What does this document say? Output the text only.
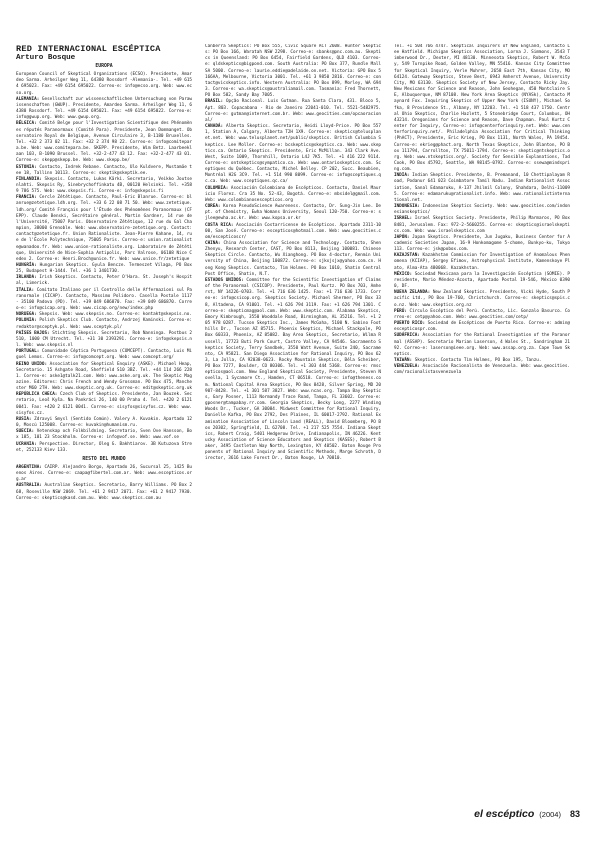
RED INTERNACIONAL ESCÉPTICA

Arturo Bosque

EUROPA

European Council of Skeptical Organizations (ECSO). Presidente, Amardeo Sarma. Arheilger Weg 11, 64380 Rossdorf -Alemania-. Tel. +49 6154 695023. Fax: +49 6154 695022. Correo-e: info@ecso.org. Web: www.ecso.org.

ALEMANIA: Gesellschaft zur wissenschaftlichen Untersuchung von Parawissenschaften (GWUP). Presidente, Amardeo Sarma. Arheilger Weg 11, 64380 Rossdorf. Tel. +49 6154 695021. Fax: +49 6154 695022. Correo-e: info@gwup.org. Web: www.gwup.org.

BÉLGICA: Comité Belge pour l'Investigation Scientifique des Phénomènes réputés Paranormaux (Comité Para). Presidente, Jean Dommanget. Observatoire Royal de Belgique, Avenue Circulaire 3, B-1180 Bruxelles. Tel. +32 2 373 02 11. Fax: +32 2 374 98 22. Correo-e: info@comitepara.be. Web: www.comitepara.be. SKEPP. Presidente, Wim Betz. Laarbeeklaan 103, B-1090 Brussel. Tel. +32-2-477 43 12. Fax: +32-2-477 43 01. Correo-e: skepp@skepp.be. Web: www.skepp.be/

ESTONIA: Contacto, Indrek Rebane. Contacto, Ulo Kuldvere, Mustamäe tee 18, Tallinn 10113. Correo-e: skeptik@skeptik.ee.

FINLANDIA: Skepsis. Contacto, Lukas Kärki. Secretario, Veikko Joutsenlahti. Skepsis Ry, Sinebrychoffinkatu 4B, 00120 Helsinki. Tel. +358 9 786 575. Web: www.skepsis.fi. Correo-e: info@skepsis.fi

FRANCIA: Cercle Zététique. Contacto, Paul-Eric Blanrue. Correo-e: blanrue@zetetique.ldh.org. Tel. +33 6 22 08 71 50. Web: www.zetetique.ldh.org/ Comité Français pour l'Étude des Phénomènes Paranormaux (CFEPP). Claude Benski, Secrétaire général. Martin Gardner, 14 rue de l'Université, 75007 Paris. Observatoire Zététique, 12 rue du Gal Champion, 38000 Grenoble. Web: www.observatoire-zetetique.org. Contact: contact@zetetique.fr. Union Rationaliste. Jean-Pierre Kahane, 14, rue de l'École Polytechnique, 75005 Paris. Correo-e: union.rationaliste@wanadoo.fr. Web: www.union-rationaliste.org. Laboratoire de Zététique, Université de Nice-Sophia Antipolis, Parc Valrose, 06108 Nice Cedex 2. Correo-e: Henri.Broch@unice.fr. Web: www.unice.fr/zetetique

HUNGRÍA: Hungarian Skeptics. Gyula Bencze. Termeszet Vilaga, PO Box 25, Budapest H-1444. Tel. +36 1 3401730.

IRLANDA: Irish Skeptics. Contacto, Peter O'Hara. St. Joseph's Hospital, Limerick.

ITALIA: Comitato Italiano per il Controllo delle Affermazioni sul Paranormale (CICAP). Contacto, Massimo Polidoro. Casella Postale 1117 - 35100 Padova (PD). Tel. +39 049 686870. Fax: +39 049 686870. Correo-e: info@cicap.org. Web: www.cicap.org/new/index.php

NORUEGA: Skepsis. Web: www.skepsis.no. Correo-e: kontakt@skepsis.no.

POLONIA: Polish Skeptics Club. Contacto, Andrzej Kaminski. Correo-e: redaktor@sceptyk.pl. Web: www.sceptyk.pl/

PAÍSES BAJOS: Stichting Skepsis. Secretario, Rob Nanninga. Postbus 2510, 1000 CM Utrecht. Tel. +31 30 2393291. Correo-e: info@skepsis.nl. Web: www.skepsis.nl

PORTUGAL: Comunidade Céptica Portuguesa (COMCEPT). Contacto, Luis Miguel Lemos. Correo-e: info@comcept.org. Web: www.comcept.org/

REINO UNIDO: Association for Skeptical Enquiry (ASKE). Michael Heap, Secretario. 15 Ashgate Road, Sheffield S10 3BZ. Tel. +44 114 266 2281. Correo-e: aske1@talk21.com. Web: www.aske.org.uk. The Skeptic Magazine. Editores: Chris French and Wendy Grossman. PO Box 475, Manchester M60 2TH. Web: www.skeptic.org.uk. Correo-e: edit@skeptic.org.uk

REPÚBLICA CHECA: Czech Club of Skeptics. Presidente, Jan Bouzek. Secretario, Leoš Kyša. Na Pankráci 26, 140 00 Praha 4. Tel. +420 2 6121 0041. Fax: +420 2 6121 0041. Correo-e: sisyfos@sisyfos.cz. Web: www.sisyfos.cz.

RUSIA: Zdravyi Smysl (Sentido Común). Valery A. Kuvakin. Apartado 120, Moscú 125008. Correo-e: kuvakin@humanism.ru.

SUECIA: Vetenskap och Folkbildning. Secretario, Sven Ove Hansson, Box 185, 101 23 Stockholm. Correo-e: info@vof.se. Web: www.vof.se

UCRANIA: Perspective. Director, Oleg G. Bakhtiarov. 3B Kutuzova Street, 252133 Kiev 133.

RESTO DEL MUNDO

ARGENTINA: CAIRP. Alejandro Borgo, Apartado 26, Sucursal 25, 1425 Buenos Aires. Correo-e: caapa@fibertel.com.ar. Web: www.escepticos.org.ar

AUSTRALIA: Australian Skeptics. Secretario, Barry Williams. PO Box 268, Roseville NSW 2069. Tel. +61 2 9417 2071. Fax: +61 2 9417 7930. Correo-e: skeptics@kasd.com.au. Web: www.skeptics.com.au

Canberra Skeptics: PO Box 555, Civic Square ACT 2608. Hunter Skeptics: PO Box 166, Waratah NSW 2298. Correo-e: sbanks@pnc.com.au. Skeptics in Queensland: PO Box 6454, Fairfield Gardens, QLD 4103. Correo-e: qldskeptics@bigpond.com. South Australia: PO Box 377, Rundle Mall SA 5000. Correo-e: laurie.eddie@adelaide.on.net. Victoria: GPO Box 5166AA, Melbourne, Victoria 3001. Tel. +61 3 9850 2816. Correo-e: contact@vicskeptics.info. Western Australia: PO Box 899, Morley, WA 6943. Correo-e: wa.skeptics@australiamail.com. Tasmania: Fred Thornett, PO Box 582, Sandy Bay 7005.

BRASIL: Opção Racional. Luis Gutman. Rua Santa Clara, 431. Bloco 5, Apt. 803. Copacabana - Rio de Janeiro 22041-010. Tel. 5521-5482975. Correo-e: gutman@internet.com.br. Web: www.geocities.com/opcaoracional/

CANADÁ: Alberta Skeptics. Secretario, Heidi Lloyd-Price. PO Box 5571, Station A, Calgary, Alberta T2H 1X9. Correo-e: skeptics@telusplanet.net. Web: www.telusplanet.net/public/skeptics. British Columbia Skeptics. Lee Moller. Correo-e: bcskeptics@skeptics.ca. Web: www.skeptics.ca. Ontario Skeptics. Presidente, Eric McMillan. 343 Clark Ave. West, Suite 1009, Thornhill, Ontario L4J 7K5. Tel. +1 416 222 9114. Correo-e: ontskeptics@sympatico.ca. Web: www.ontarioskeptics.com. Sceptiques du Québec. Contacto, Michel Belley. CP 202, Succ. Beaubien, Montréal H2G 3C9. Tel. +1 514 990 8099. Correo-e: info@sceptiques.qc.ca. Web: www.sceptiques.qc.ca/

COLOMBIA: Asociación Colombiana de Escépticos. Contacto, Daniel Mauricio Florez. Cra 35 No. 52-43, Bogotá. Correo-e: mbsidel@gmail.com. Web: www.colombianosescepticos.org

COREA: Korea PseudoScience Awareness. Contacto, Dr. Sung-Jin Lee. Dept. of Chemistry, Ewha Womans University, Seoul 120-750. Correo-e: sjlee@ewha.ac.kr. Web: www.kopsa.or.kr

COSTA RICA: Asociación Costarricense de Escépticos. Apartado 2311-1000, San José. Correo-e: escepticos@hotmail.com. Web: www.geocities.com/escepticoscr/

CHINA: China Association for Science and Technology. Contacto, Shen Zhenyu, Research Center, CAST, PO Box 8113, Beijing 100081. Chinese Skeptics Circle. Contacto, Wu Xianghong. PO Box 4-doctor, Renmin University of China, Beijing 100872. Correo-e: sjkxjsjx@yahoo.com.cn. Hong Kong Skeptics. Contacto, Tim Holmes. PO Box 1010, Shatin Central Post Office, Shatin, N.T.

ESTADOS UNIDOS: Committee for the Scientific Investigation of Claims of the Paranormal (CSICOP). Presidente, Paul Kurtz. PO Box 703, Amherst, NY 14226-0703. Tel. +1 716 636 1425. Fax: +1 716 636 1733. Correo-e: info@csicop.org. Skeptics Society. Michael Shermer, PO Box 338, Altadena, CA 91001. Tel. +1 626 794 3119. Fax: +1 626 794 1301. Correo-e: skepticmag@aol.com. Web: www.skeptic.com. Alabama Skeptics, Emory Kimbrough, 3550 Wooddale Road, Birmingham, AL 35216. Tel. +1 205 978 0287. Tucson Skeptics Inc., James McGaha, 5100 N. Sabino Foothills Dr., Tucson AZ 85715. Phoenix Skeptics, Michael Stackpole, PO Box 60333, Phoenix, AZ 85082. Bay Area Skeptics, Secretario, Wilma Russell, 17723 Buti Park Court, Castro Valley, CA 94546. Sacramento Skeptics Society, Terry Sandbek, 3550 Watt Avenue, Suite 240, Sacramento, CA 95821. San Diego Association for Rational Inquiry, PO Box 623, La Jolla, CA 92038-0623. Rocky Mountain Skeptics, Béla Scheiber, PO Box 7277, Boulder, CO 80306. Tel. +1 303 444 5368. Correo-e: rmscepticos@aol.com. New England Skeptical Society, Presidente, Steven Novella, 1 Sycamore Ct., Hamden, CT 06518. Correo-e: info@theness.com. National Capital Area Skeptics, PO Box 8428, Silver Spring, MD 20907-8428. Tel. +1 301 587 3827. Web: www.ncas.org. Tampa Bay Skeptics, Gary Posner, 1113 Normandy Trace Road, Tampa, FL 33602. Correo-e: gposner@tampabay.rr.com. Georgia Skeptics, Becky Long, 2277 Winding Woods Dr., Tucker, GA 30084. Midwest Committee for Rational Inquiry, Danielle Kafka, PO Box 2792, Des Plaines, IL 60017-2792. Rational Examination Association of Lincoln Land (REALL), David Bloomberg, PO Box 20302, Springfield, IL 62708. Tel. +1 217 525 7554. Indiana Skeptics, Robert Craig, 5401 Hedgerow Drive, Indianapolis, IN 46226. Kentucky Association of Science Educators and Skeptics (KASES), Robert Baker, 3495 Castleton Way North, Lexington, KY 40502. Baton Rouge Proponents of Rational Inquiry and Scientific Methods, Marge Schroth, Director, 3616 Lake Forest Dr., Baton Rouge, LA 70810.

Tel. +1 504 766 4747. Skeptical Inquirers of New England, Contacto Lee Hatfield. Michigan Skeptics Association, Lorna J. Simmons, 3543 Timberwood Dr., Dexter, MI 48130. Minnesota Skeptics, Robert W. McCoy, 549 Turnpike Road, Golden Valley, MN 55416. Kansas City Committee for Skeptical Inquiry, Verle Muhrer, 2658 East 7th, Kansas City, MO 64124. Gateway Skeptics, Steve Best, 6943 Amherst Avenue, University City, MO 63130. Skeptics Society of New Jersey, Contacto Ricky Jay. New Mexicans for Science and Reason, John Geohegan, 450 Montclaire SE, Albuquerque, NM 87108. New York Area Skeptics (NYASk), Contacto Maynard Fox. Inquiring Skeptics of Upper New York (ISUNY), Michael Sofka, 8 Providence St., Albany, NY 12203. Tel. +1 518 437 1750. Central Ohio Skeptics, Charlie Hazlett, 5 Stonebridge Court, Columbus, OH 43214. Oregonians for Science and Reason, Dave Chapman. Paul Kurtz Center for Inquiry, Correo-e: info@centerforinquiry.net. Web: www.centerforinquiry.net/. Philadelphia Association for Critical Thinking (PhACT), Presidente, Eric Krieg, PO Box 1131, North Wales, PA 19454. Correo-e: ekrieg@phact.org. North Texas Skeptics, John Blanton, PO Box 111794, Carrollton, TX 75011-1794. Correo-e: skeptic@ntskeptics.org. Web: www.ntskeptics.org/. Society for Sensible Explanations, Tad Cook, PO Box 45792, Seattle, WA 98145-0792. Correo-e: ssewa@mindspring.com.

INDIA: Indian Skeptics. Presidente, B. Premanand, 10 Chettipalayam Road, Podanur 641 023 Coimbatore Tamil Nadu. Indian Rationalist Association, Sanal Edamaruku, A-137 Jhilmil Colony, Shahdara, Delhi-110095. Correo-e: edamaruku@rationalist.info. Web: www.rationalistinternational.net.

INDONESIA: Indonesian Skeptics Society. Web: www.geocities.com/indonesianskeptics/

ISRAEL: Israel Skeptics Society. Presidente, Philip Marmaros, PO Box 8481, Jerusalem. Fax: 972-2-5660255. Correo-e: skeptics@israelskeptics.com. Web: www.israelskeptics.com

JAPÓN: Japan Skeptics. Presidente, Jun Jugaku, Business Center for Academic Societies Japan, 16-9 Honkomagome 5-chome, Bunkyo-ku, Tokyo 113. Correo-e: jsk@pobox.com.

KAZAJSTAN: Kazakhstan Commission for Investigation of Anomalous Phenomena (KCIAP), Sergey Efimov, Astrophysical Institute, Kamenskoye Plato, Alma-Ata 480068. Kazakhstan.

MÉXICO: Sociedad Mexicana para la Investigación Escéptica (SOMIE). Presidente, Mario Méndez-Acosta, Apartado Postal 19-546, México 03900, DF.

NUEVA ZELANDA: New Zealand Skeptics. Presidente, Vicki Hyde, South Pacific Ltd., PO Box 19-760, Christchurch. Correo-e: skeptics@spis.co.nz. Web: www.skeptics.org.nz

PERÚ: Círculo Escéptico del Perú. Contacto, Lic. Gonzalo Basurco. Correo-e: cetp@yahoo.com. Web: www.geocities.com/cetp/

PUERTO RICO: Sociedad de Escépticos de Puerto Rico. Correo-e: admin@escepticospr.com.

SUDÁFRICA: Association for the Rational Investigation of the Paranormal (ASSAP). Secretario Marian Laserson, 4 Wales St., Sandringham 2192. Correo-e: laserson@ieee.org. Web: www.assap.org.za. Cape Town Skeptics.

TAIWÁN: Skeptics. Contacto Tim Holmes, PO Box 195, Tanzu.

VENEZUELA: Asociación Racionalista de Venezuela. Web: www.geocities.com/racionalistasvenezuela

el escéptico (2004) 83
